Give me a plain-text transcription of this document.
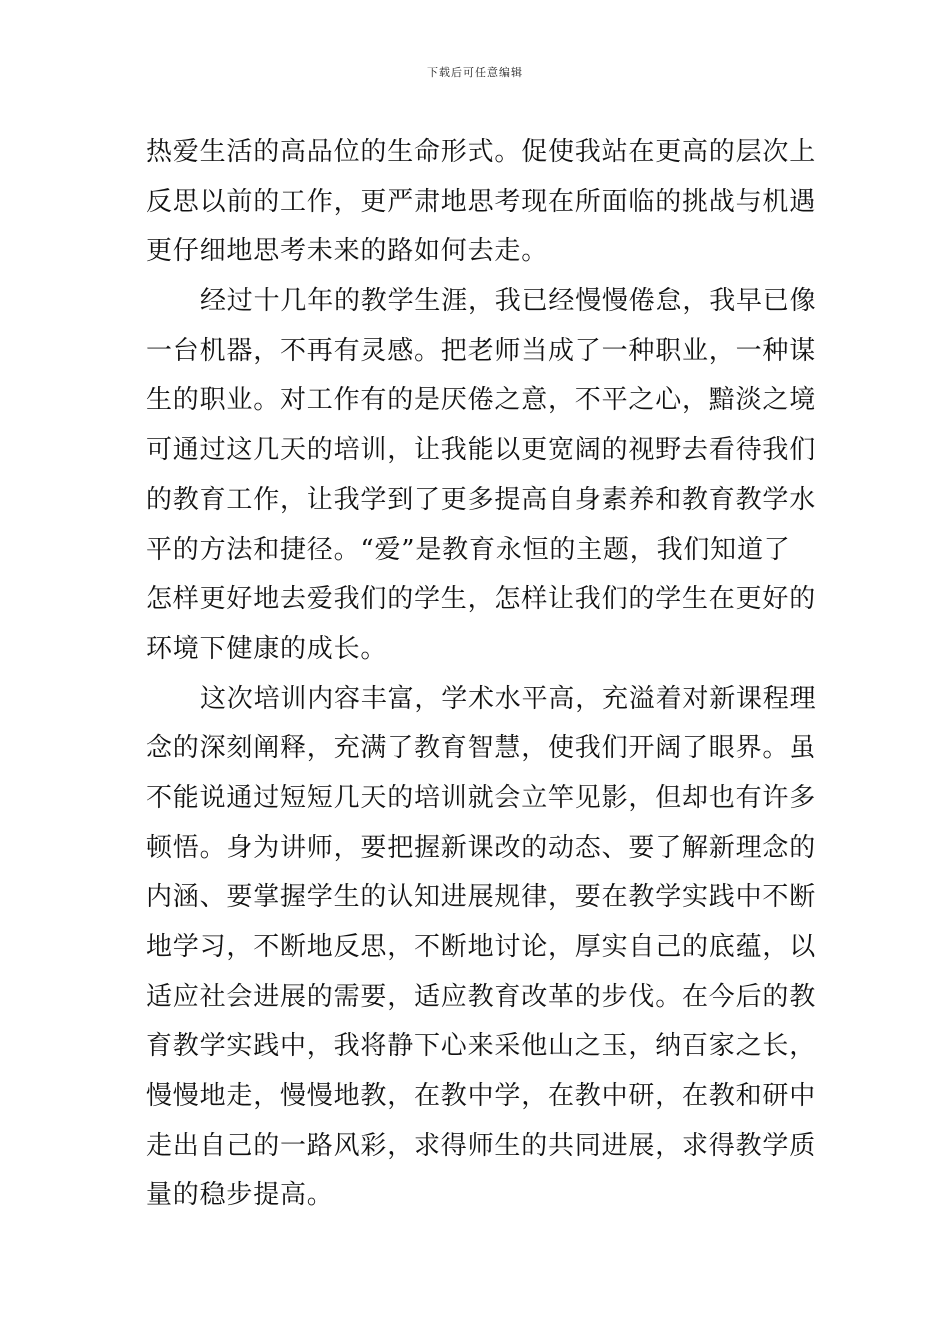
下载后可任意编辑
热爱生活的高品位的生命形式。促使我站在更高的层次上
反思以前的工作，更严肃地思考现在所面临的挑战与机遇
更仔细地思考未来的路如何去走。
经过十几年的教学生涯，我已经慢慢倦怠，我早已像
一台机器，不再有灵感。把老师当成了一种职业，一种谋
生的职业。对工作有的是厌倦之意，不平之心，黯淡之境
可通过这几天的培训，让我能以更宽阔的视野去看待我们
的教育工作，让我学到了更多提高自身素养和教育教学水
平的方法和捷径。“爱”是教育永恒的主题，我们知道了
怎样更好地去爱我们的学生，怎样让我们的学生在更好的
环境下健康的成长。
这次培训内容丰富，学术水平高，充溢着对新课程理
念的深刻阐释，充满了教育智慧，使我们开阔了眼界。虽
不能说通过短短几天的培训就会立竿见影，但却也有许多
顿悟。身为讲师，要把握新课改的动态、要了解新理念的
内涵、要掌握学生的认知进展规律，要在教学实践中不断
地学习，不断地反思，不断地讨论，厚实自己的底蕴，以
适应社会进展的需要，适应教育改革的步伐。在今后的教
育教学实践中，我将静下心来采他山之玉，纳百家之长，
慢慢地走，慢慢地教，在教中学，在教中研，在教和研中
走出自己的一路风彩，求得师生的共同进展，求得教学质
量的稳步提高。
